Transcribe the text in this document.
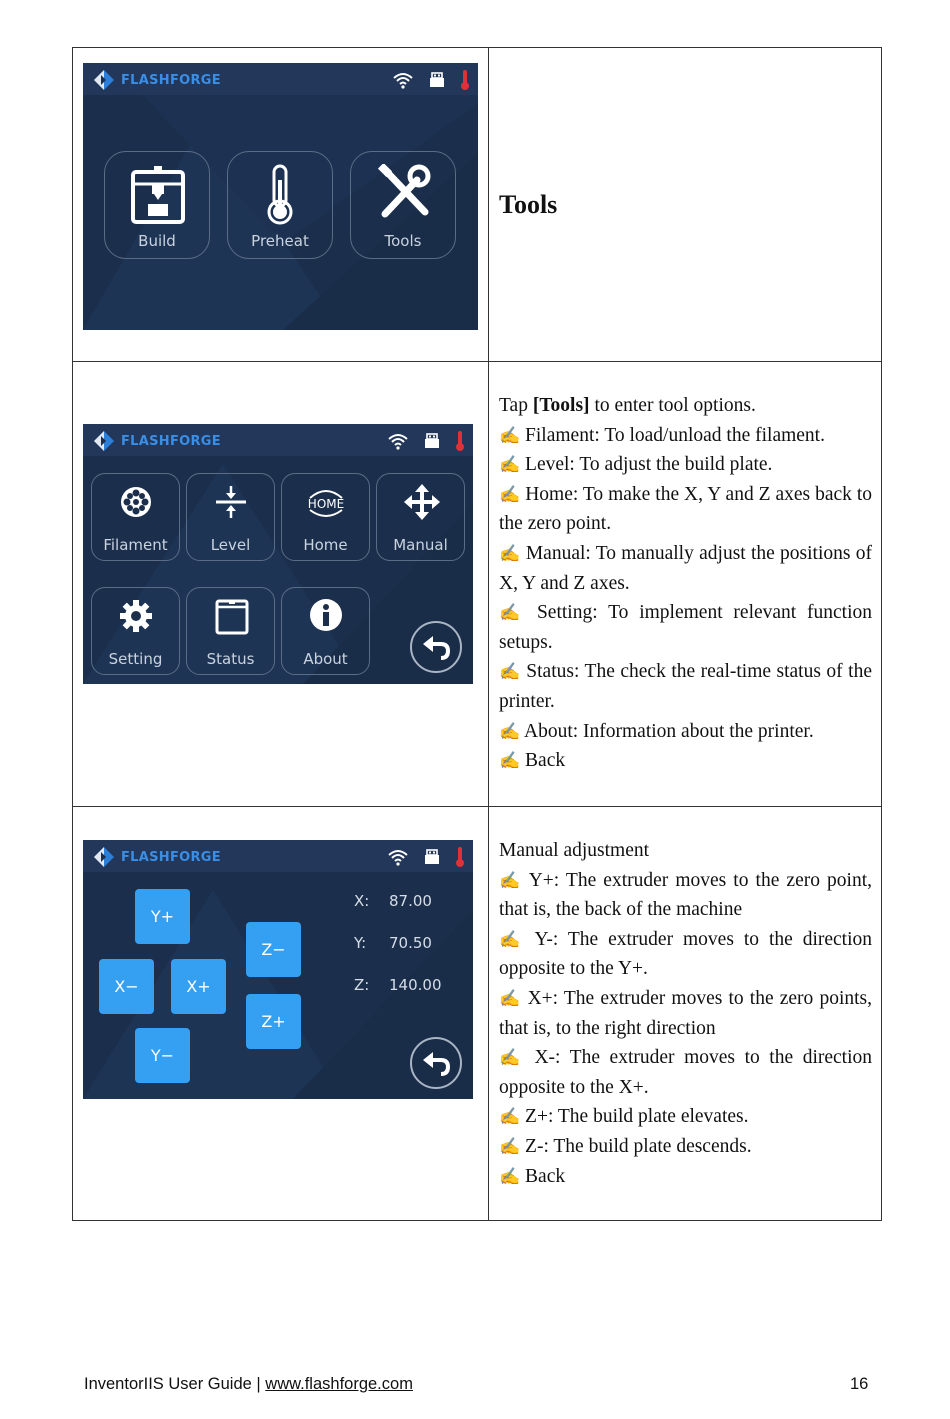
FLASHFORGE
Build	Preheat	Tools
Tools
FLASHFORGE
Filament	Level
HOME
Home	Manual
Setting	Status	About

Tap [Tools] to enter tool options.

✍ Filament: To load/unload the filament.

✍ Level: To adjust the build plate.

✍ Home: To make the X, Y and Z axes back to the zero point.

✍ Manual: To manually adjust the positions of X, Y and Z axes.

✍ Setting: To implement relevant function setups.

✍ Status: The check the real-time status of the printer.

✍ About: Information about the printer.

✍ Back

FLASHFORGE
Y+
X−	X+
Y−
Z−
Z+
X: 87.00
Y: 70.50
Z: 140.00

Manual adjustment

✍ Y+: The extruder moves to the zero point, that is, the back of the machine

✍ Y-: The extruder moves to the direction opposite to the Y+.

✍ X+: The extruder moves to the zero points, that is, to the right direction

✍ X-: The extruder moves to the direction opposite to the X+.

✍ Z+: The build plate elevates.

✍ Z-: The build plate descends.

✍ Back

InventorIIS User Guide | www.flashforge.com	16
